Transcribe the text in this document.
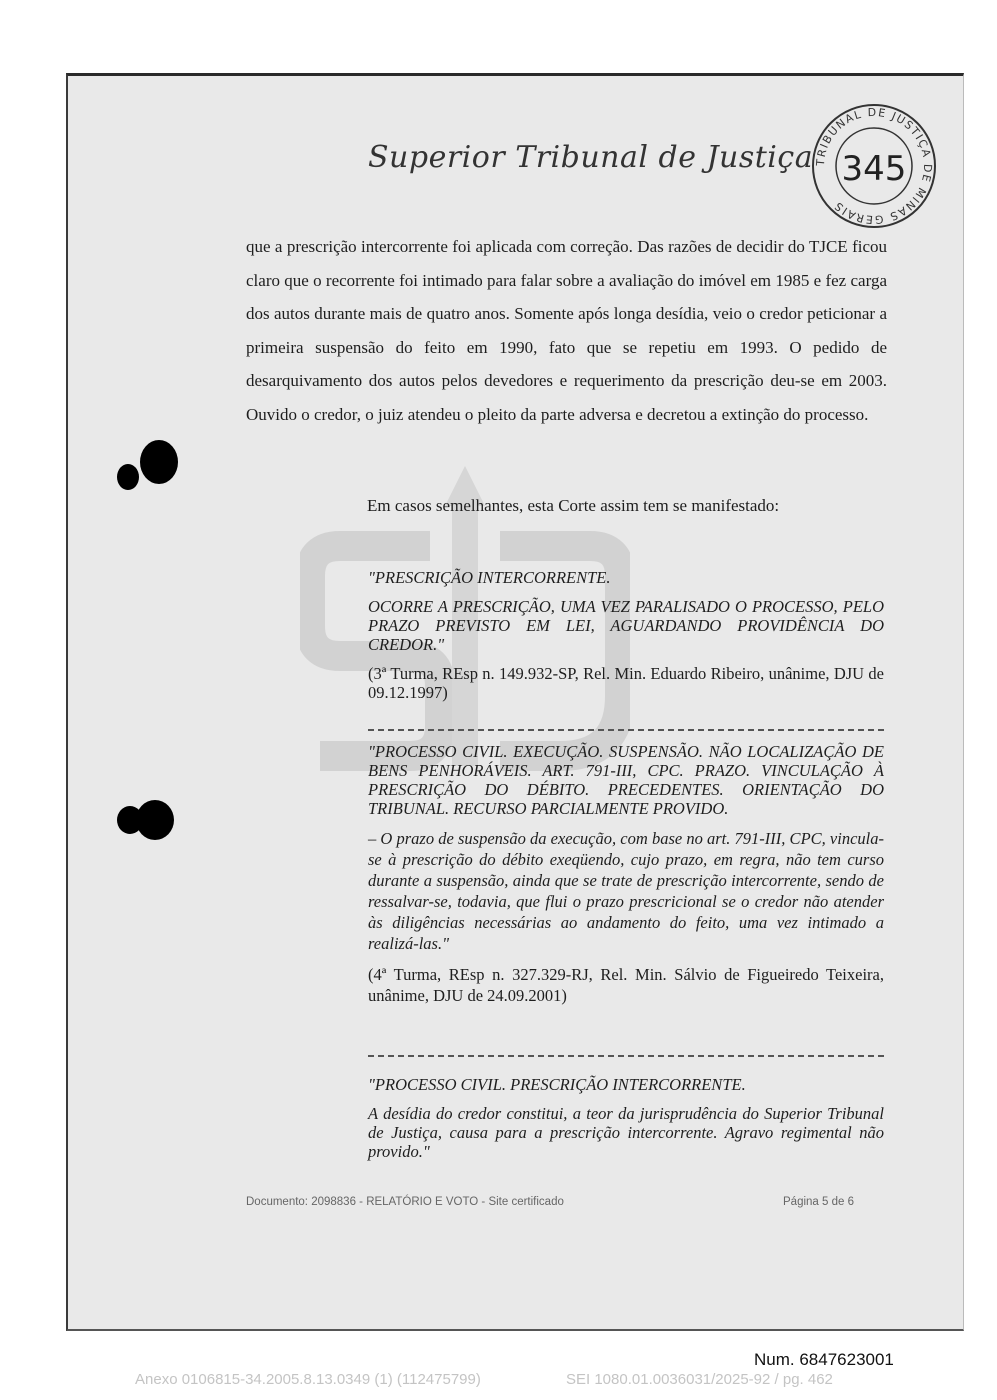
Superior Tribunal de Justiça TRIBUNAL DE JUSTIÇA DE MINAS GERAIS
345

que a prescrição intercorrente foi aplicada com correção. Das razões de decidir do TJCE ficou claro que o recorrente foi intimado para falar sobre a avaliação do imóvel em 1985 e fez carga dos autos durante mais de quatro anos. Somente após longa desídia, veio o credor peticionar a primeira suspensão do feito em 1990, fato que se repetiu em 1993. O pedido de desarquivamento dos autos pelos devedores e requerimento da prescrição deu-se em 2003. Ouvido o credor, o juiz atendeu o pleito da parte adversa e decretou a extinção do processo.

Em casos semelhantes, esta Corte assim tem se manifestado:

"PRESCRIÇÃO INTERCORRENTE.

OCORRE A PRESCRIÇÃO, UMA VEZ PARALISADO O PROCESSO, PELO PRAZO PREVISTO EM LEI, AGUARDANDO PROVIDÊNCIA DO CREDOR."

(3ª Turma, REsp n. 149.932-SP, Rel. Min. Eduardo Ribeiro, unânime, DJU de 09.12.1997)

"PROCESSO CIVIL. EXECUÇÃO. SUSPENSÃO. NÃO LOCALIZAÇÃO DE BENS PENHORÁVEIS. ART. 791-III, CPC. PRAZO. VINCULAÇÃO À PRESCRIÇÃO DO DÉBITO. PRECEDENTES. ORIENTAÇÃO DO TRIBUNAL. RECURSO PARCIALMENTE PROVIDO.

– O prazo de suspensão da execução, com base no art. 791-III, CPC, vincula-se à prescrição do débito exeqüendo, cujo prazo, em regra, não tem curso durante a suspensão, ainda que se trate de prescrição intercorrente, sendo de ressalvar-se, todavia, que flui o prazo prescricional se o credor não atender às diligências necessárias ao andamento do feito, uma vez intimado a realizá-las."

(4ª Turma, REsp n. 327.329-RJ, Rel. Min. Sálvio de Figueiredo Teixeira, unânime, DJU de 24.09.2001)

"PROCESSO CIVIL. PRESCRIÇÃO INTERCORRENTE.

A desídia do credor constitui, a teor da jurisprudência do Superior Tribunal de Justiça, causa para a prescrição intercorrente. Agravo regimental não provido."

Documento: 2098836 - RELATÓRIO E VOTO - Site certificado	Página 5 de 6
Num. 6847623001
Anexo 0106815-34.2005.8.13.0349 (1) (112475799)	SEI 1080.01.0036031/2025-92 / pg. 462
